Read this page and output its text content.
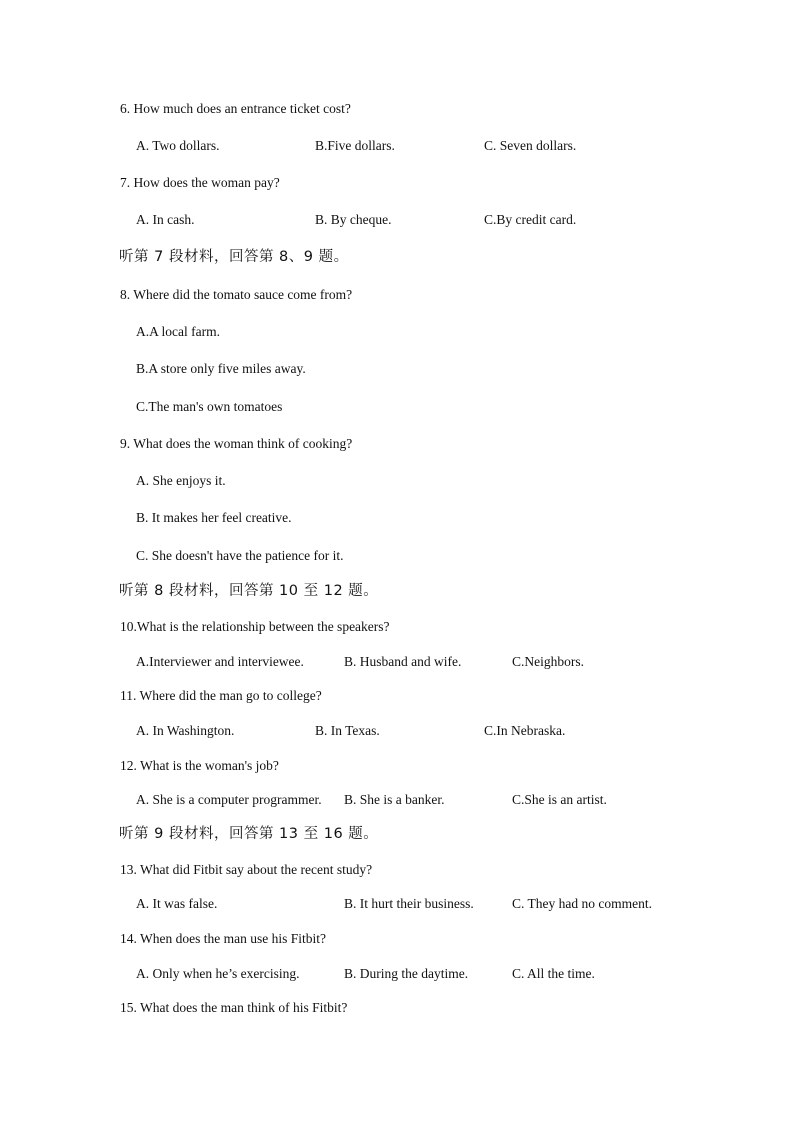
6. How much does an entrance ticket cost?
A. Two dollars.	B.Five dollars.	C. Seven dollars.
7. How does the woman pay?
A. In cash.	B. By cheque.	C.By credit card.
听第 7 段材料，回答第 8、9 题。
8. Where did the tomato sauce come from?
A.A local farm.
B.A store only five miles away.
C.The man's own tomatoes
9. What does the woman think of cooking?
A. She enjoys it.
B. It makes her feel creative.
C. She doesn't have the patience for it.
听第 8 段材料，回答第 10 至 12 题。
10.What is the relationship between the speakers?
A.Interviewer and interviewee.	B. Husband and wife.	C.Neighbors.
11. Where did the man go to college?
A. In Washington.	B. In Texas.	C.In Nebraska.
12. What is the woman's job?
A. She is a computer programmer. B. She is a banker.	C.She is an artist.
听第 9 段材料，回答第 13 至 16 题。
13. What did Fitbit say about the recent study?
A. It was false.	B. It hurt their business.	C. They had no comment.
14. When does the man use his Fitbit?
A. Only when he’s exercising.	B. During the daytime.	C. All the time.
15. What does the man think of his Fitbit?
